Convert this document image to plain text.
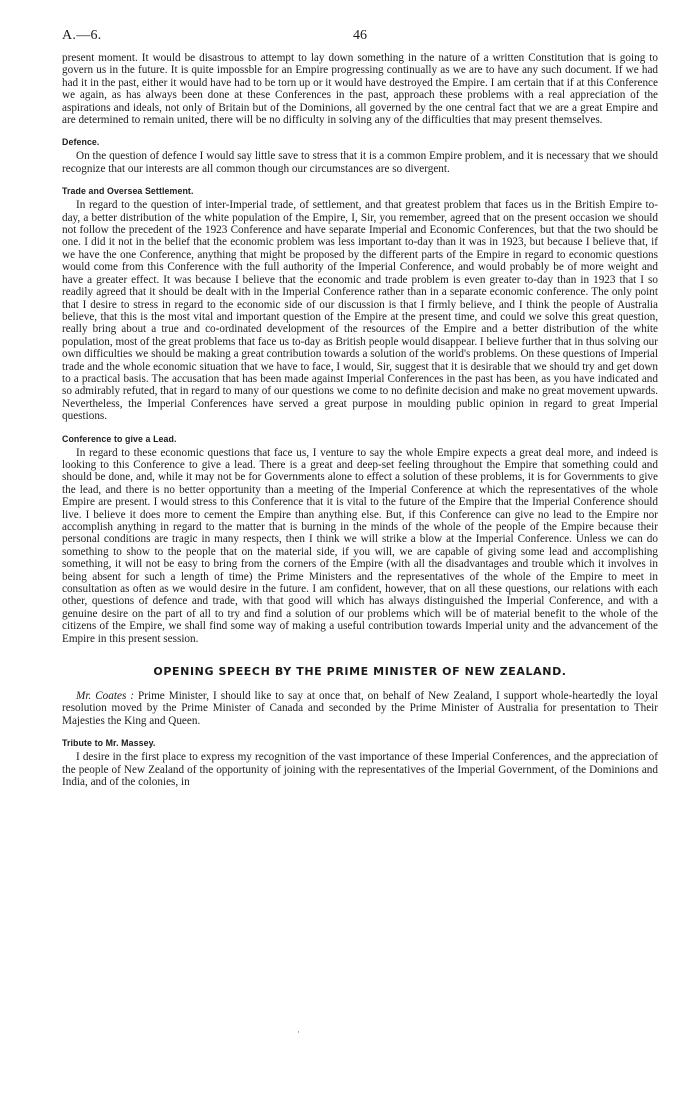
A.—6.	46

present moment. It would be disastrous to attempt to lay down something in the nature of a written Constitution that is going to govern us in the future. It is quite impossble for an Empire progressing continually as we are to have any such document. If we had had it in the past, either it would have had to be torn up or it would have destroyed the Empire. I am certain that if at this Conference we again, as has always been done at these Conferences in the past, approach these problems with a real appreciation of the aspirations and ideals, not only of Britain but of the Dominions, all governed by the one central fact that we are a great Empire and are determined to remain united, there will be no difficulty in solving any of the difficulties that may present themselves.

Defence.

On the question of defence I would say little save to stress that it is a common Empire problem, and it is necessary that we should recognize that our interests are all common though our circumstances are so divergent.

Trade and Oversea Settlement.

In regard to the question of inter-Imperial trade, of settlement, and that greatest problem that faces us in the British Empire to-day, a better distribution of the white population of the Empire, I, Sir, you remember, agreed that on the present occasion we should not follow the precedent of the 1923 Conference and have separate Imperial and Economic Conferences, but that the two should be one. I did it not in the belief that the economic problem was less important to-day than it was in 1923, but because I believe that, if we have the one Conference, anything that might be proposed by the different parts of the Empire in regard to economic questions would come from this Conference with the full authority of the Imperial Conference, and would probably be of more weight and have a greater effect. It was because I believe that the economic and trade problem is even greater to-day than in 1923 that I so readily agreed that it should be dealt with in the Imperial Conference rather than in a separate economic conference. The only point that I desire to stress in regard to the economic side of our discussion is that I firmly believe, and I think the people of Australia believe, that this is the most vital and important question of the Empire at the present time, and could we solve this great question, really bring about a true and co-ordinated development of the resources of the Empire and a better distribution of the white population, most of the great problems that face us to-day as British people would disappear. I believe further that in thus solving our own difficulties we should be making a great contribution towards a solution of the world's problems. On these questions of Imperial trade and the whole economic situation that we have to face, I would, Sir, suggest that it is desirable that we should try and get down to a practical basis. The accusation that has been made against Imperial Conferences in the past has been, as you have indicated and so admirably refuted, that in regard to many of our questions we come to no definite decision and make no great movement upwards. Nevertheless, the Imperial Conferences have served a great purpose in moulding public opinion in regard to great Imperial questions.

Conference to give a Lead.

In regard to these economic questions that face us, I venture to say the whole Empire expects a great deal more, and indeed is looking to this Conference to give a lead. There is a great and deep-set feeling throughout the Empire that something could and should be done, and, while it may not be for Governments alone to effect a solution of these problems, it is for Governments to give the lead, and there is no better opportunity than a meeting of the Imperial Conference at which the representatives of the whole Empire are present. I would stress to this Conference that it is vital to the future of the Empire that the Imperial Conference should live. I believe it does more to cement the Empire than anything else. But, if this Conference can give no lead to the Empire nor accomplish anything in regard to the matter that is burning in the minds of the whole of the people of the Empire because their personal conditions are tragic in many respects, then I think we will strike a blow at the Imperial Conference. Unless we can do something to show to the people that on the material side, if you will, we are capable of giving some lead and accomplishing something, it will not be easy to bring from the corners of the Empire (with all the disadvantages and trouble which it involves in being absent for such a length of time) the Prime Ministers and the representatives of the whole of the Empire to meet in consultation as often as we would desire in the future. I am confident, however, that on all these questions, our relations with each other, questions of defence and trade, with that good will which has always distinguished the Imperial Conference, and with a genuine desire on the part of all to try and find a solution of our problems which will be of material benefit to the whole of the citizens of the Empire, we shall find some way of making a useful contribution towards Imperial unity and the advancement of the Empire in this present session.

OPENING SPEECH BY THE PRIME MINISTER OF NEW ZEALAND.

Mr. Coates : Prime Minister, I should like to say at once that, on behalf of New Zealand, I support whole-heartedly the loyal resolution moved by the Prime Minister of Canada and seconded by the Prime Minister of Australia for presentation to Their Majesties the King and Queen.

Tribute to Mr. Massey.

I desire in the first place to express my recognition of the vast importance of these Imperial Conferences, and the appreciation of the people of New Zealand of the opportunity of joining with the representatives of the Imperial Government, of the Dominions and India, and of the colonies, in

·
